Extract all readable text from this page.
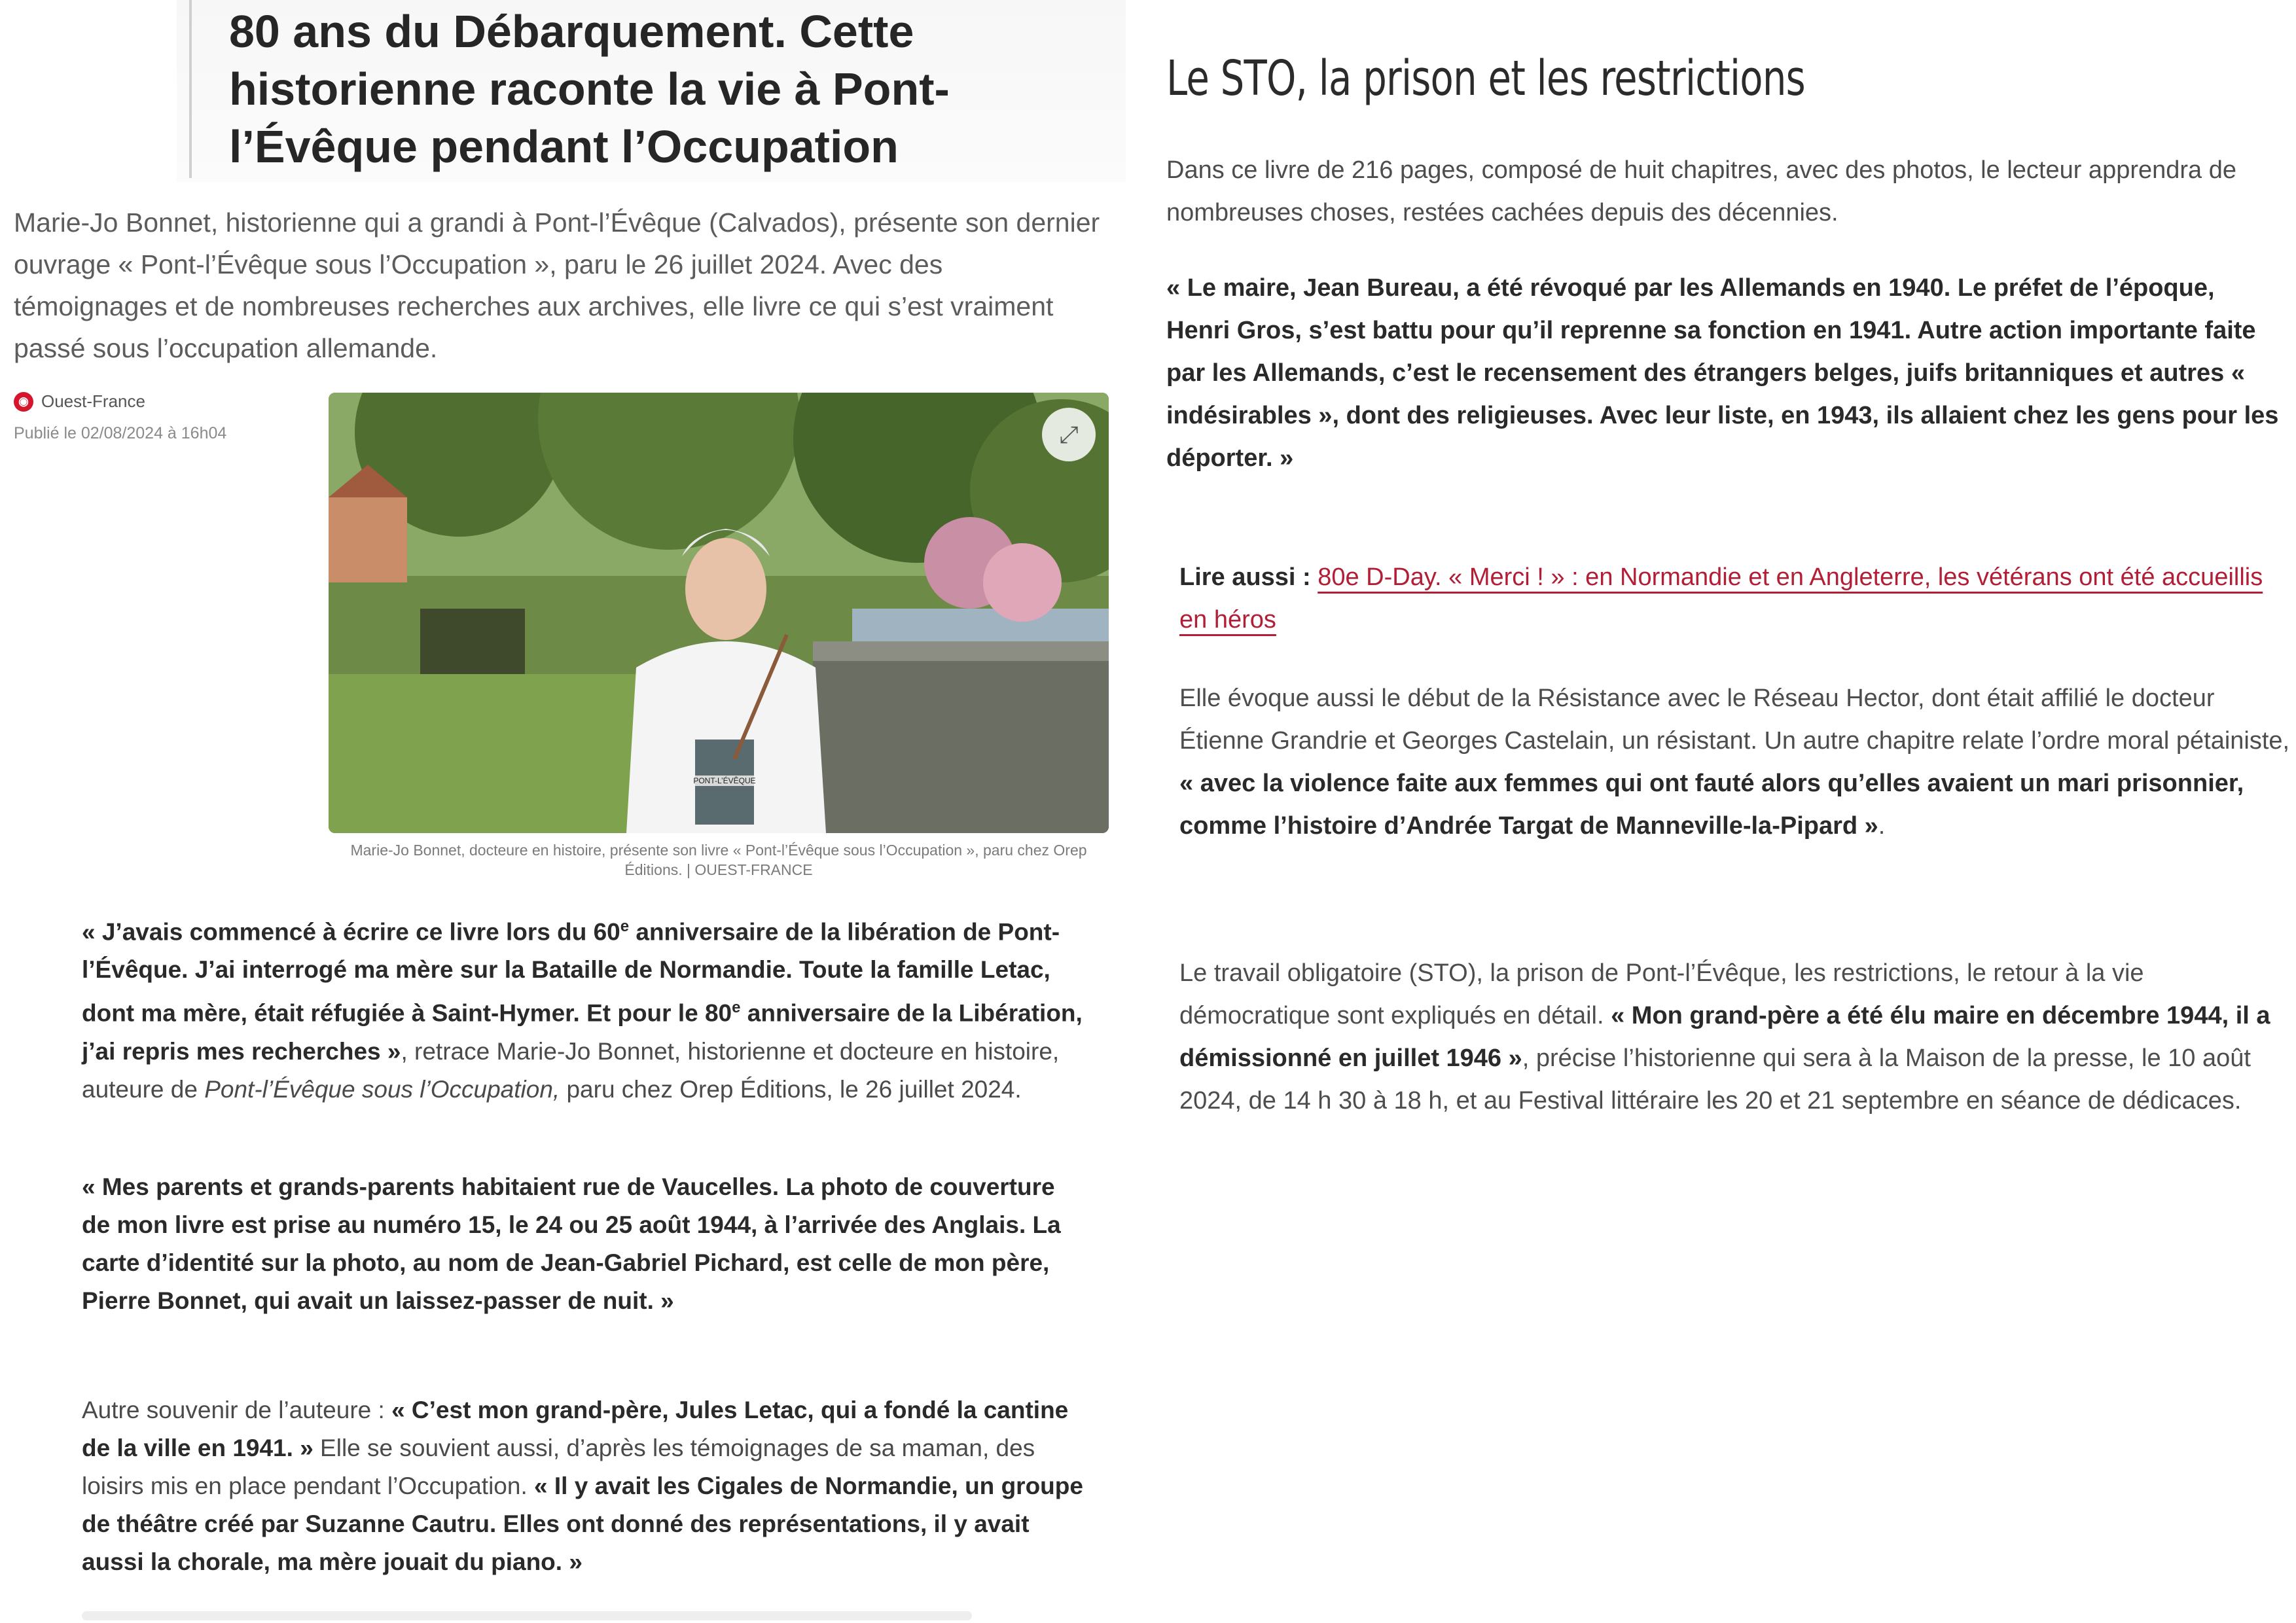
80 ans du Débarquement. Cette historienne raconte la vie à Pont-l’Évêque pendant l’Occupation

Marie-Jo Bonnet, historienne qui a grandi à Pont-l’Évêque (Calvados), présente son dernier ouvrage « Pont-l’Évêque sous l’Occupation », paru le 26 juillet 2024. Avec des témoignages et de nombreuses recherches aux archives, elle livre ce qui s’est vraiment passé sous l’occupation allemande.

◉ Ouest-France
Publié le 02/08/2024 à 16h04
PONT-L’ÉVÊQUE
⤢

Marie-Jo Bonnet, docteure en histoire, présente son livre « Pont-l’Évêque sous l’Occupation », paru chez Orep Éditions. | OUEST-FRANCE

« J’avais commencé à écrire ce livre lors du 60e anniversaire de la libération de Pont-l’Évêque. J’ai interrogé ma mère sur la Bataille de Normandie. Toute la famille Letac, dont ma mère, était réfugiée à Saint-Hymer. Et pour le 80e anniversaire de la Libération, j’ai repris mes recherches », retrace Marie-Jo Bonnet, historienne et docteure en histoire, auteure de Pont-l’Évêque sous l’Occupation, paru chez Orep Éditions, le 26 juillet 2024.

« Mes parents et grands-parents habitaient rue de Vaucelles. La photo de couverture de mon livre est prise au numéro 15, le 24 ou 25 août 1944, à l’arrivée des Anglais. La carte d’identité sur la photo, au nom de Jean-Gabriel Pichard, est celle de mon père, Pierre Bonnet, qui avait un laissez-passer de nuit. »

Autre souvenir de l’auteure : « C’est mon grand-père, Jules Letac, qui a fondé la cantine de la ville en 1941. » Elle se souvient aussi, d’après les témoignages de sa maman, des loisirs mis en place pendant l’Occupation. « Il y avait les Cigales de Normandie, un groupe de théâtre créé par Suzanne Cautru. Elles ont donné des représentations, il y avait aussi la chorale, ma mère jouait du piano. »

Le STO, la prison et les restrictions

Dans ce livre de 216 pages, composé de huit chapitres, avec des photos, le lecteur apprendra de nombreuses choses, restées cachées depuis des décennies.

« Le maire, Jean Bureau, a été révoqué par les Allemands en 1940. Le préfet de l’époque, Henri Gros, s’est battu pour qu’il reprenne sa fonction en 1941. Autre action importante faite par les Allemands, c’est le recensement des étrangers belges, juifs britanniques et autres « indésirables », dont des religieuses. Avec leur liste, en 1943, ils allaient chez les gens pour les déporter. »

Lire aussi : 80e D-Day. « Merci ! » : en Normandie et en Angleterre, les vétérans ont été accueillis en héros

Elle évoque aussi le début de la Résistance avec le Réseau Hector, dont était affilié le docteur Étienne Grandrie et Georges Castelain, un résistant. Un autre chapitre relate l’ordre moral pétainiste, « avec la violence faite aux femmes qui ont fauté alors qu’elles avaient un mari prisonnier, comme l’histoire d’Andrée Targat de Manneville-la-Pipard ».

Le travail obligatoire (STO), la prison de Pont-l’Évêque, les restrictions, le retour à la vie démocratique sont expliqués en détail. « Mon grand-père a été élu maire en décembre 1944, il a démissionné en juillet 1946 », précise l’historienne qui sera à la Maison de la presse, le 10 août 2024, de 14 h 30 à 18 h, et au Festival littéraire les 20 et 21 septembre en séance de dédicaces.
